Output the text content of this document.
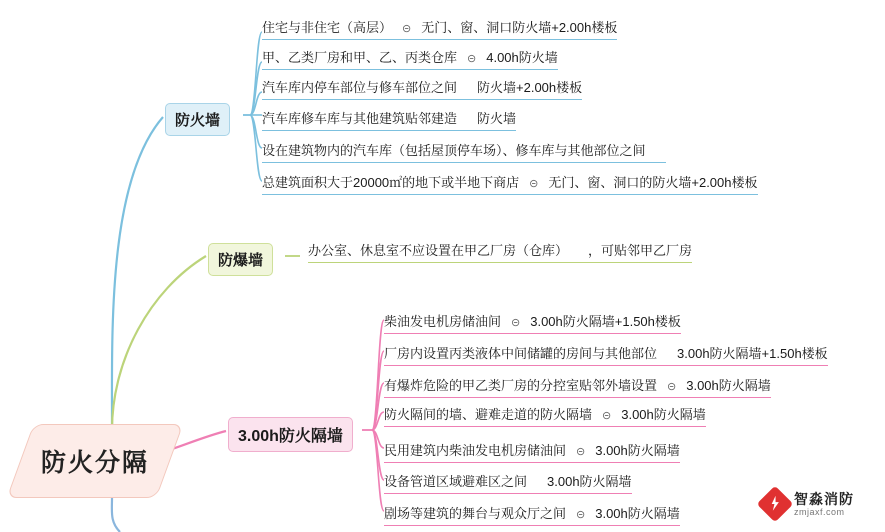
防火分隔
防火墙
住宅与非住宅（高层） ⊝ 无门、窗、洞口防火墙+2.00h楼板
甲、乙类厂房和甲、乙、丙类仓库 ⊝ 4.00h防火墙
汽车库内停车部位与修车部位之间 防火墙+2.00h楼板
汽车库修车库与其他建筑贴邻建造 防火墙
设在建筑物内的汽车库（包括屋顶停车场）、修车库与其他部位之间
总建筑面积大于20000㎡的地下或半地下商店 ⊝ 无门、窗、洞口的防火墙+2.00h楼板
防爆墙
办公室、休息室不应设置在甲乙厂房（仓库） ，可贴邻甲乙厂房
3.00h防火隔墙
柴油发电机房储油间 ⊝ 3.00h防火隔墙+1.50h楼板
厂房内设置丙类液体中间储罐的房间与其他部位 3.00h防火隔墙+1.50h楼板
有爆炸危险的甲乙类厂房的分控室贴邻外墙设置 ⊝ 3.00h防火隔墙
防火隔间的墙、避难走道的防火隔墙 ⊝ 3.00h防火隔墙
民用建筑内柴油发电机房储油间 ⊝ 3.00h防火隔墙
设备管道区域避难区之间 3.00h防火隔墙
剧场等建筑的舞台与观众厅之间 ⊝ 3.00h防火隔墙
智淼消防
zmjaxf.com
